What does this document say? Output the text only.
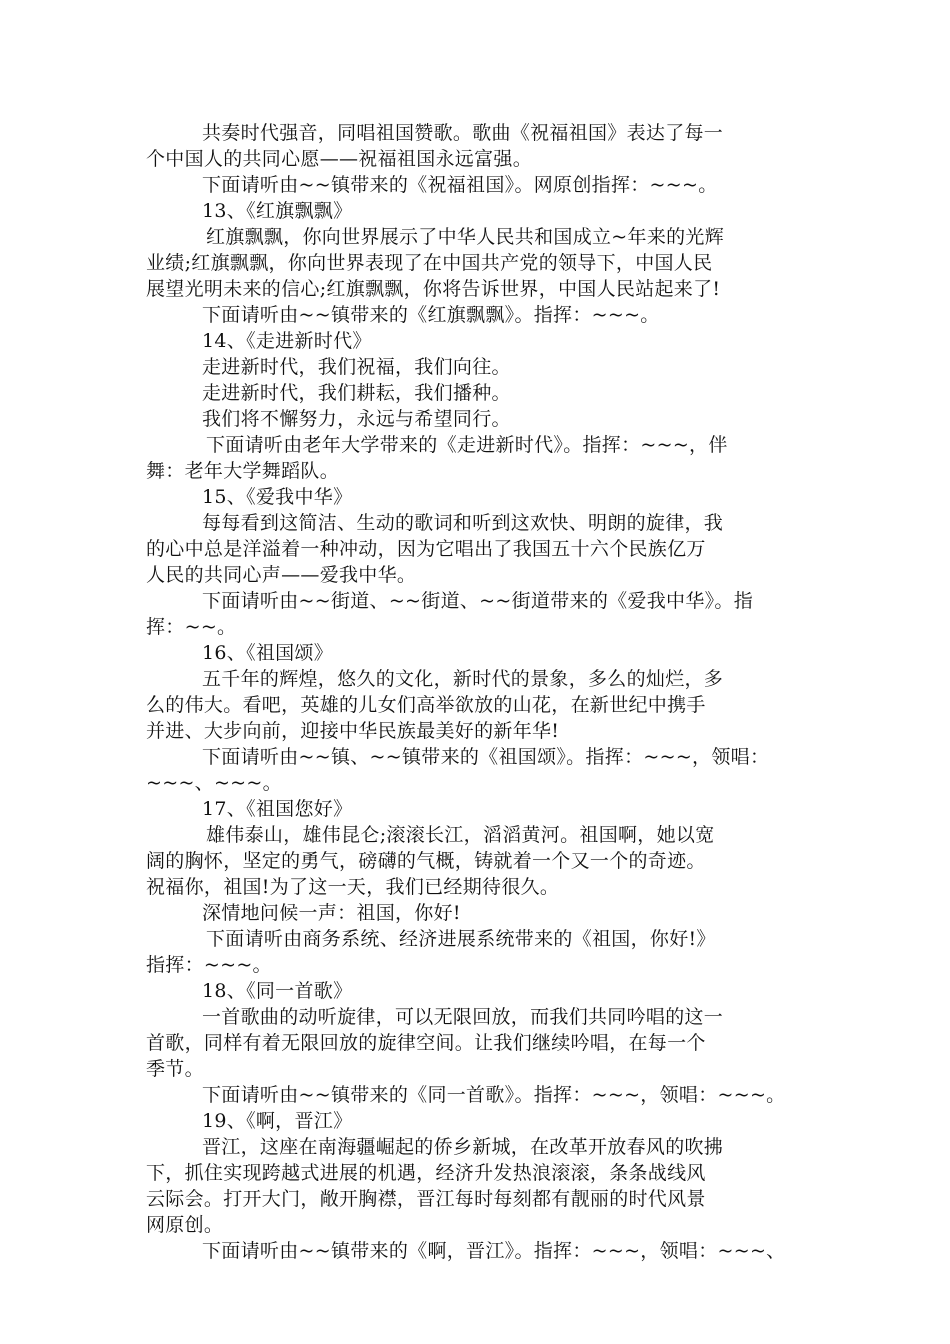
共奏时代强音，同唱祖国赞歌。歌曲《祝福祖国》表达了每一
个中国人的共同心愿——祝福祖国永远富强。
下面请听由~~镇带来的《祝福祖国》。网原创指挥：~~~。
13、《红旗飘飘》
红旗飘飘，你向世界展示了中华人民共和国成立~年来的光辉
业绩;红旗飘飘，你向世界表现了在中国共产党的领导下，中国人民
展望光明未来的信心;红旗飘飘，你将告诉世界，中国人民站起来了!
下面请听由~~镇带来的《红旗飘飘》。指挥：~~~。
14、《走进新时代》
走进新时代，我们祝福，我们向往。
走进新时代，我们耕耘，我们播种。
我们将不懈努力，永远与希望同行。
下面请听由老年大学带来的《走进新时代》。指挥：~~~，伴
舞：老年大学舞蹈队。
15、《爱我中华》
每每看到这简洁、生动的歌词和听到这欢快、明朗的旋律，我
的心中总是洋溢着一种冲动，因为它唱出了我国五十六个民族亿万
人民的共同心声——爱我中华。
下面请听由~~街道、~~街道、~~街道带来的《爱我中华》。指
挥：~~。
16、《祖国颂》
五千年的辉煌，悠久的文化，新时代的景象，多么的灿烂，多
么的伟大。看吧，英雄的儿女们高举欲放的山花，在新世纪中携手
并进、大步向前，迎接中华民族最美好的新年华!
下面请听由~~镇、~~镇带来的《祖国颂》。指挥：~~~，领唱：
~~~、~~~。
17、《祖国您好》
雄伟泰山，雄伟昆仑;滚滚长江，滔滔黄河。祖国啊，她以宽
阔的胸怀，坚定的勇气，磅礴的气概，铸就着一个又一个的奇迹。
祝福你，祖国!为了这一天，我们已经期待很久。
深情地问候一声：祖国，你好!
下面请听由商务系统、经济进展系统带来的《祖国，你好!》
指挥：~~~。
18、《同一首歌》
一首歌曲的动听旋律，可以无限回放，而我们共同吟唱的这一
首歌，同样有着无限回放的旋律空间。让我们继续吟唱，在每一个
季节。
下面请听由~~镇带来的《同一首歌》。指挥：~~~，领唱：~~~。
19、《啊，晋江》
晋江，这座在南海疆崛起的侨乡新城，在改革开放春风的吹拂
下，抓住实现跨越式进展的机遇，经济升发热浪滚滚，条条战线风
云际会。打开大门，敞开胸襟，晋江每时每刻都有靓丽的时代风景
网原创。
下面请听由~~镇带来的《啊，晋江》。指挥：~~~，领唱：~~~、
